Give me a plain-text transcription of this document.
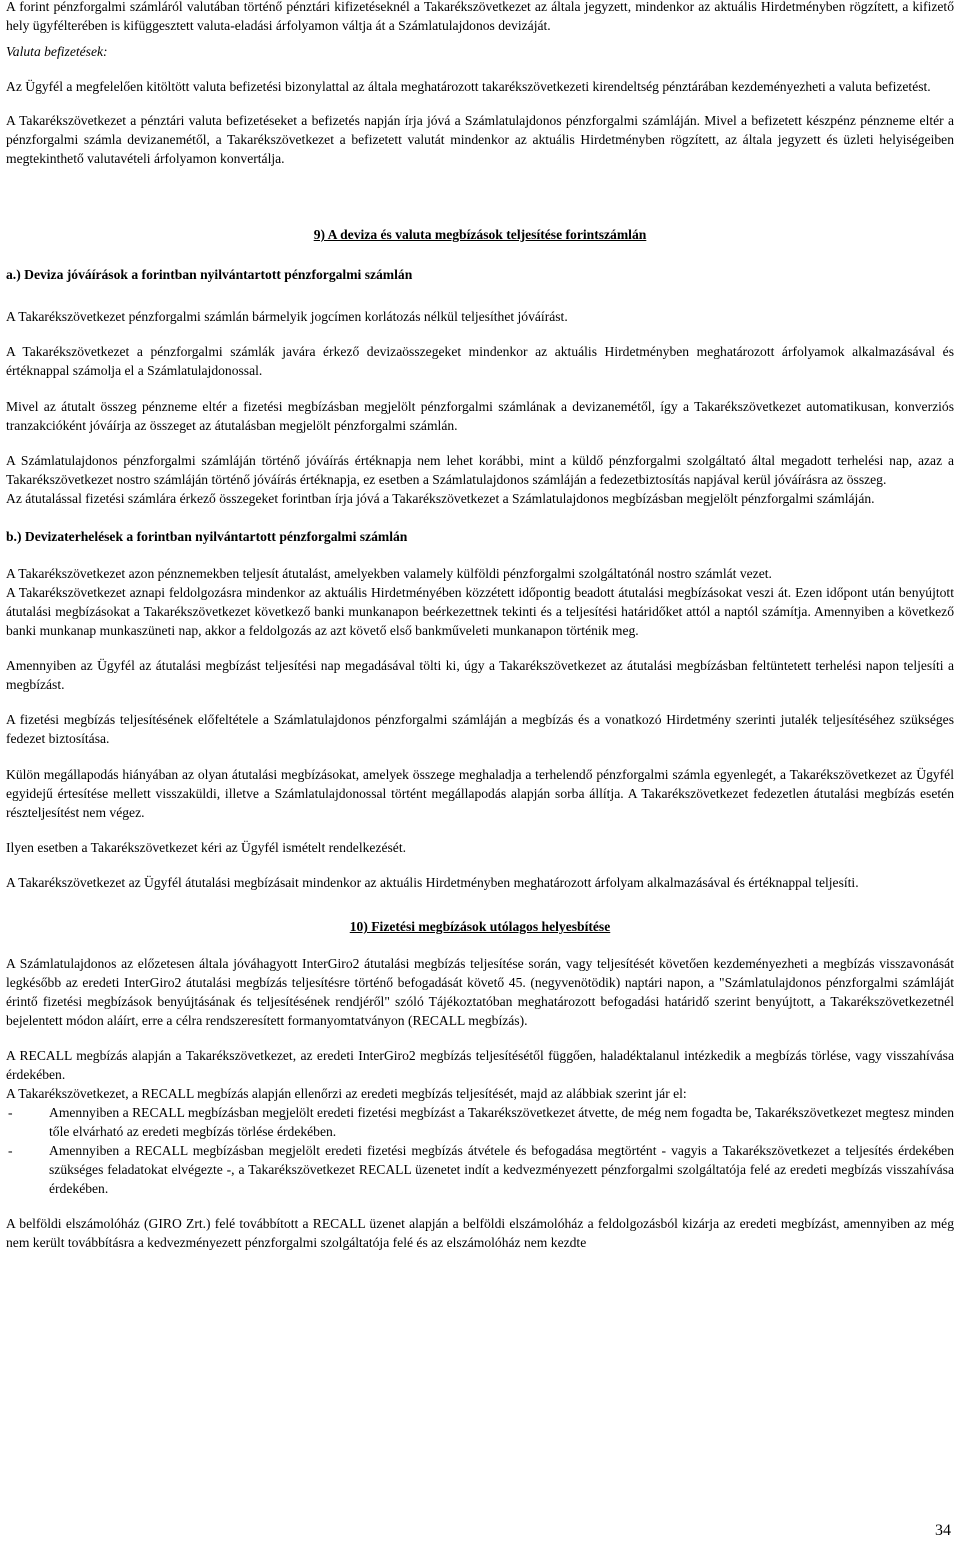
A forint pénzforgalmi számláról valutában történő pénztári kifizetéseknél a Takarékszövetkezet az általa jegyzett, mindenkor az aktuális Hirdetményben rögzített, a kifizető hely ügyfélterében is kifüggesztett valuta-eladási árfolyamon váltja át a Számlatulajdonos devizáját.

Valuta befizetések:

Az Ügyfél a megfelelően kitöltött valuta befizetési bizonylattal az általa meghatározott takarékszövetkezeti kirendeltség pénztárában kezdeményezheti a valuta befizetést.

A Takarékszövetkezet a pénztári valuta befizetéseket a befizetés napján írja jóvá a Számlatulajdonos pénzforgalmi számláján. Mivel a befizetett készpénz pénzneme eltér a pénzforgalmi számla devizanemétől, a Takarékszövetkezet a befizetett valutát mindenkor az aktuális Hirdetményben rögzített, az általa jegyzett és üzleti helyiségeiben megtekinthető valutavételi árfolyamon konvertálja.

9) A deviza és valuta megbízások teljesítése forintszámlán

a.) Deviza jóváírások a forintban nyilvántartott pénzforgalmi számlán

A Takarékszövetkezet pénzforgalmi számlán bármelyik jogcímen korlátozás nélkül teljesíthet jóváírást.

A Takarékszövetkezet a pénzforgalmi számlák javára érkező devizaösszegeket mindenkor az aktuális Hirdetményben meghatározott árfolyamok alkalmazásával és értéknappal számolja el a Számlatulajdonossal.

Mivel az átutalt összeg pénzneme eltér a fizetési megbízásban megjelölt pénzforgalmi számlának a devizanemétől, így a Takarékszövetkezet automatikusan, konverziós tranzakcióként jóváírja az összeget az átutalásban megjelölt pénzforgalmi számlán.

A Számlatulajdonos pénzforgalmi számláján történő jóváírás értéknapja nem lehet korábbi, mint a küldő pénzforgalmi szolgáltató által megadott terhelési nap, azaz a Takarékszövetkezet nostro számláján történő jóváírás értéknapja, ez esetben a Számlatulajdonos számláján a fedezetbiztosítás napjával kerül jóváírásra az összeg.

Az átutalással fizetési számlára érkező összegeket forintban írja jóvá a Takarékszövetkezet a Számlatulajdonos megbízásban megjelölt pénzforgalmi számláján.

b.) Devizaterhelések a forintban nyilvántartott pénzforgalmi számlán

A Takarékszövetkezet azon pénznemekben teljesít átutalást, amelyekben valamely külföldi pénzforgalmi szolgáltatónál nostro számlát vezet.

A Takarékszövetkezet aznapi feldolgozásra mindenkor az aktuális Hirdetményében közzétett időpontig beadott átutalási megbízásokat veszi át. Ezen időpont után benyújtott átutalási megbízásokat a Takarékszövetkezet következő banki munkanapon beérkezettnek tekinti és a teljesítési határidőket attól a naptól számítja. Amennyiben a következő banki munkanap munkaszüneti nap, akkor a feldolgozás az azt követő első bankműveleti munkanapon történik meg.

Amennyiben az Ügyfél az átutalási megbízást teljesítési nap megadásával tölti ki, úgy a Takarékszövetkezet az átutalási megbízásban feltüntetett terhelési napon teljesíti a megbízást.

A fizetési megbízás teljesítésének előfeltétele a Számlatulajdonos pénzforgalmi számláján a megbízás és a vonatkozó Hirdetmény szerinti jutalék teljesítéséhez szükséges fedezet biztosítása.

Külön megállapodás hiányában az olyan átutalási megbízásokat, amelyek összege meghaladja a terhelendő pénzforgalmi számla egyenlegét, a Takarékszövetkezet az Ügyfél egyidejű értesítése mellett visszaküldi, illetve a Számlatulajdonossal történt megállapodás alapján sorba állítja. A Takarékszövetkezet fedezetlen átutalási megbízás esetén részteljesítést nem végez.

Ilyen esetben a Takarékszövetkezet kéri az Ügyfél ismételt rendelkezését.

A Takarékszövetkezet az Ügyfél átutalási megbízásait mindenkor az aktuális Hirdetményben meghatározott árfolyam alkalmazásával és értéknappal teljesíti.

10) Fizetési megbízások utólagos helyesbítése

A Számlatulajdonos az előzetesen általa jóváhagyott InterGiro2 átutalási megbízás teljesítése során, vagy teljesítését követően kezdeményezheti a megbízás visszavonását legkésőbb az eredeti InterGiro2 átutalási megbízás teljesítésre történő befogadását követő 45. (negyvenötödik) naptári napon, a "Számlatulajdonos pénzforgalmi számláját érintő fizetési megbízások benyújtásának és teljesítésének rendjéről" szóló Tájékoztatóban meghatározott befogadási határidő szerint benyújtott, a Takarékszövetkezetnél bejelentett módon aláírt, erre a célra rendszeresített formanyomtatványon (RECALL megbízás).

A RECALL megbízás alapján a Takarékszövetkezet, az eredeti InterGiro2 megbízás teljesítésétől függően, haladéktalanul intézkedik a megbízás törlése, vagy visszahívása érdekében.

A Takarékszövetkezet, a RECALL megbízás alapján ellenőrzi az eredeti megbízás teljesítését, majd az alábbiak szerint jár el:

-	Amennyiben a RECALL megbízásban megjelölt eredeti fizetési megbízást a Takarékszövetkezet átvette, de még nem fogadta be, Takarékszövetkezet megtesz minden tőle elvárható az eredeti megbízás törlése érdekében.
-	Amennyiben a RECALL megbízásban megjelölt eredeti fizetési megbízás átvétele és befogadása megtörtént - vagyis a Takarékszövetkezet a teljesítés érdekében szükséges feladatokat elvégezte -, a Takarékszövetkezet RECALL üzenetet indít a kedvezményezett pénzforgalmi szolgáltatója felé az eredeti megbízás visszahívása érdekében.

A belföldi elszámolóház (GIRO Zrt.) felé továbbított a RECALL üzenet alapján a belföldi elszámolóház a feldolgozásból kizárja az eredeti megbízást, amennyiben az még nem került továbbításra a kedvezményezett pénzforgalmi szolgáltatója felé és az elszámolóház nem kezdte

34
